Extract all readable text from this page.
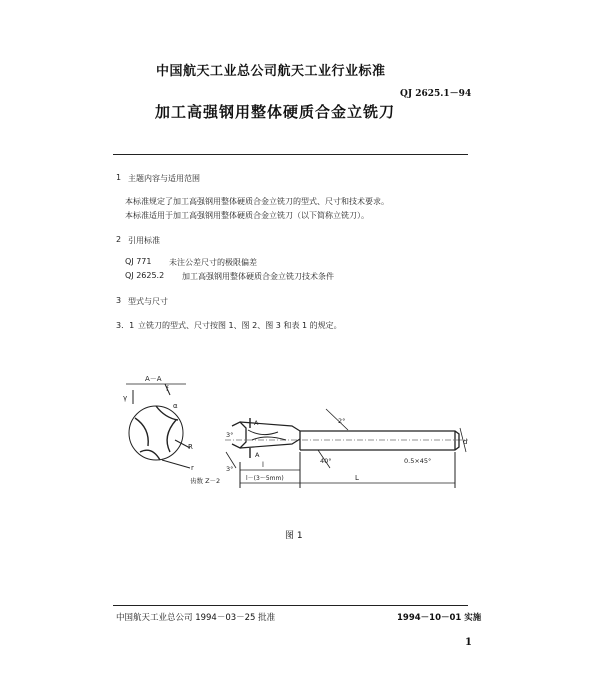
中国航天工业总公司航天工业行业标准
QJ 2625.1－94
加工高强钢用整体硬质合金立铣刀
1 主题内容与适用范围
本标准规定了加工高强钢用整体硬质合金立铣刀的型式、尺寸和技术要求。
本标准适用于加工高强钢用整体硬质合金立铣刀（以下简称立铣刀）。
2 引用标准
QJ 771 未注公差尺寸的极限偏差
QJ 2625.2 加工高强钢用整体硬质合金立铣刀技术条件
3 型式与尺寸
3．1 立铣刀的型式、尺寸按图 1、图 2、图 3 和表 1 的规定。
A－A
γ
f
α
R
r
齿数 Z－2
A
A
3°
3°
2°
40°
l
l－(3～5mm)	L
d
0.5×45°
图 1
中国航天工业总公司 1994－03－25 批准	1994－10－01 实施
1
